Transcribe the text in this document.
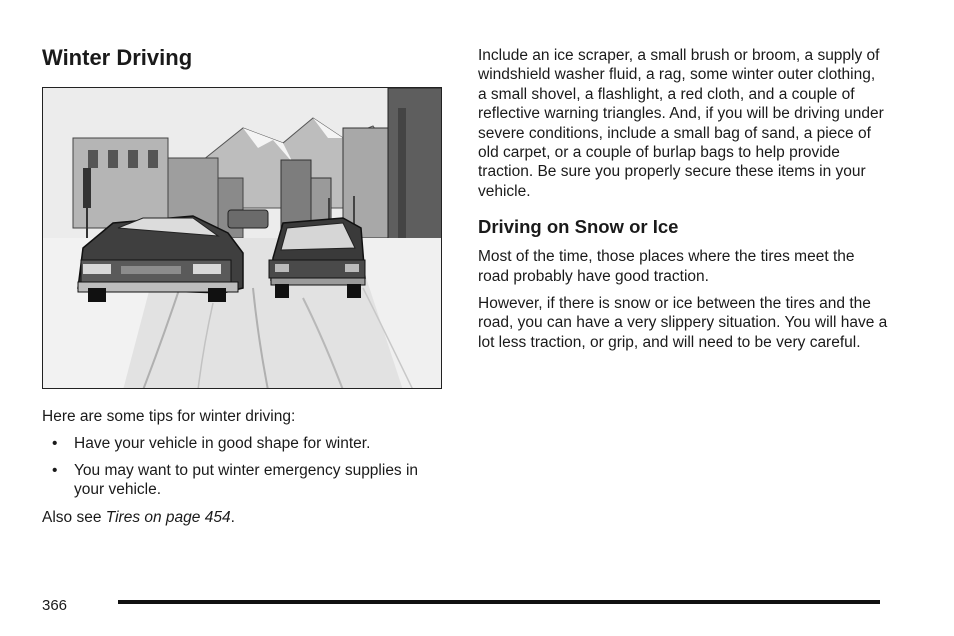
Winter Driving

Here are some tips for winter driving:

• Have your vehicle in good shape for winter.
• You may want to put winter emergency supplies in your vehicle.

Also see Tires on page 454.

Include an ice scraper, a small brush or broom, a supply of windshield washer fluid, a rag, some winter outer clothing, a small shovel, a flashlight, a red cloth, and a couple of reflective warning triangles. And, if you will be driving under severe conditions, include a small bag of sand, a piece of old carpet, or a couple of burlap bags to help provide traction. Be sure you properly secure these items in your vehicle.

Driving on Snow or Ice

Most of the time, those places where the tires meet the road probably have good traction.

However, if there is snow or ice between the tires and the road, you can have a very slippery situation. You will have a lot less traction, or grip, and will need to be very careful.

366
